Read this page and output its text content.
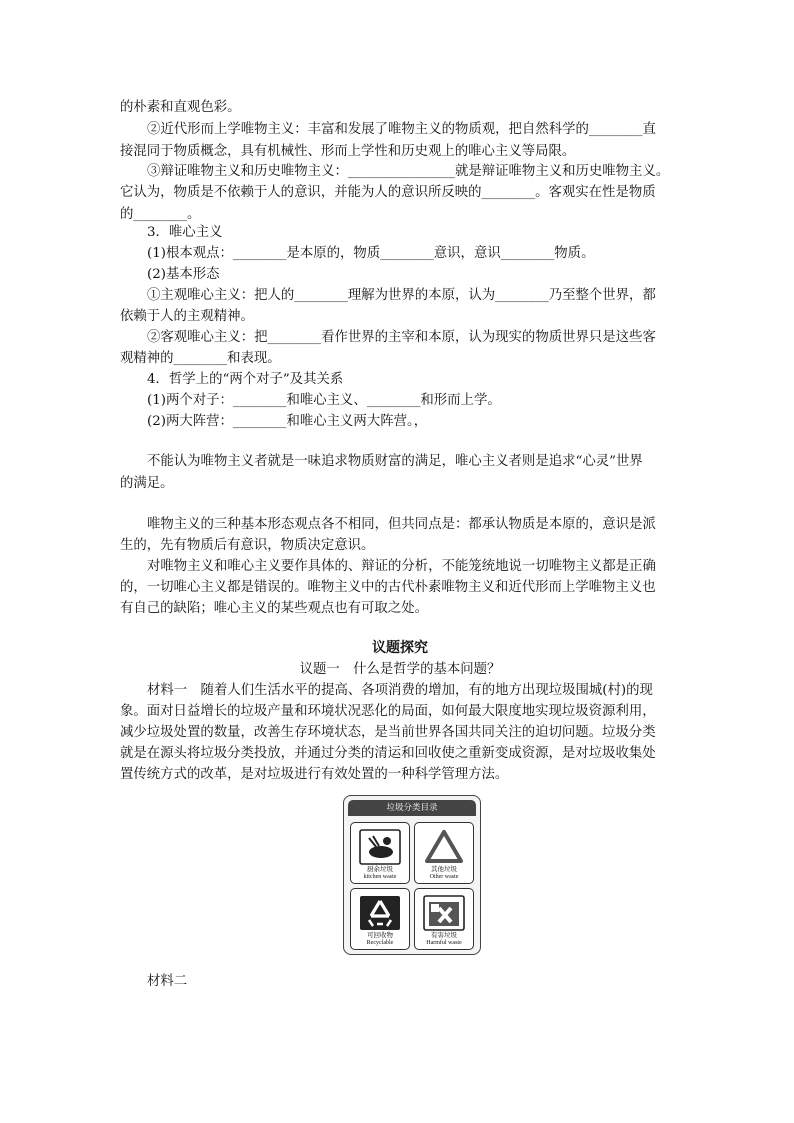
的朴素和直观色彩。
②近代形而上学唯物主义：丰富和发展了唯物主义的物质观，把自然科学的________直
接混同于物质概念，具有机械性、形而上学性和历史观上的唯心主义等局限。
③辩证唯物主义和历史唯物主义：________________就是辩证唯物主义和历史唯物主义。
它认为，物质是不依赖于人的意识，并能为人的意识所反映的________。客观实在性是物质
的________。
3．唯心主义
(1)根本观点：________是本原的，物质________意识，意识________物质。
(2)基本形态
①主观唯心主义：把人的________理解为世界的本原，认为________乃至整个世界，都
依赖于人的主观精神。
②客观唯心主义：把________看作世界的主宰和本原，认为现实的物质世界只是这些客
观精神的________和表现。
4．哲学上的“两个对子”及其关系
(1)两个对子：________和唯心主义、________和形而上学。
(2)两大阵营：________和唯心主义两大阵营。，
不能认为唯物主义者就是一味追求物质财富的满足，唯心主义者则是追求“心灵”世界
的满足。
唯物主义的三种基本形态观点各不相同，但共同点是：都承认物质是本原的，意识是派
生的，先有物质后有意识，物质决定意识。
对唯物主义和唯心主义要作具体的、辩证的分析，不能笼统地说一切唯物主义都是正确
的，一切唯心主义都是错误的。唯物主义中的古代朴素唯物主义和近代形而上学唯物主义也
有自己的缺陷；唯心主义的某些观点也有可取之处。
议题探究
议题一　什么是哲学的基本问题？
材料一　随着人们生活水平的提高、各项消费的增加，有的地方出现垃圾围城(村)的现
象。面对日益增长的垃圾产量和环境状况恶化的局面，如何最大限度地实现垃圾资源利用，
减少垃圾处置的数量，改善生存环境状态，是当前世界各国共同关注的迫切问题。垃圾分类
就是在源头将垃圾分类投放，并通过分类的清运和回收使之重新变成资源，是对垃圾收集处
置传统方式的改革，是对垃圾进行有效处置的一种科学管理方法。
垃圾分类目录
厨余垃圾
kitchen waste
其他垃圾
Other waste
可回收物
Recyclable
有害垃圾
Harmful waste
材料二
